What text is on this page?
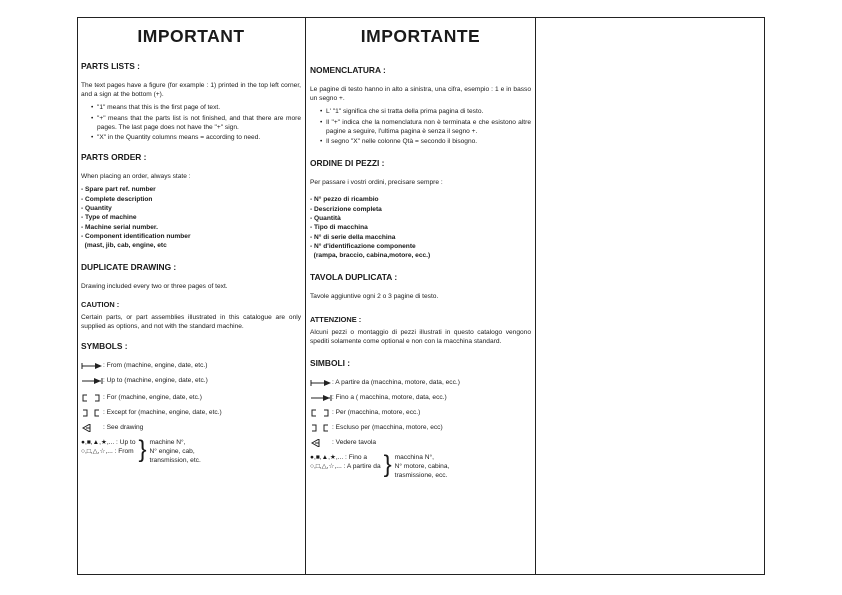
IMPORTANT
PARTS LISTS :
The text pages have a figure (for example : 1) printed in the top left corner, and a sign at the bottom (+).
• "1" means that this is the first page of text.
• "+" means that the parts list is not finished, and that there are more pages. The last page does not have the "+" sign.
• "X" in the Quantity columns means = according to need.
PARTS ORDER :
When placing an order, always state :
- Spare part ref. number
- Complete description
- Quantity
- Type of machine
- Machine serial number.
- Component identification number
(mast, jib, cab, engine, etc
DUPLICATE DRAWING :
Drawing included every two or three pages of text.
CAUTION :
Certain parts, or part assemblies illustrated in this catalogue are only supplied as options, and not with the standard machine.
SYMBOLS :
: From (machine, engine, date, etc.)
: Up to (machine, engine, date, etc.)
: For (machine, engine, date, etc.)
: Except for (machine, engine, date, etc.)
: See drawing
●,■,▲,★,... : Up to
○,□,△,☆,... : From } machine N°,
N° engine, cab,
transmission, etc.
IMPORTANTE
NOMENCLATURA :
Le pagine di testo hanno in alto a sinistra, una cifra, esempio : 1 e in basso un segno +.
• L' "1" significa che si tratta della prima pagina di testo.
• Il "+" indica che la nomenclatura non è terminata e che esistono altre pagine a seguire, l'ultima pagina è senza il segno +.
• Il segno "X" nelle colonne Qtà = secondo il bisogno.
ORDINE DI PEZZI :
Per passare i vostri ordini, precisare sempre :
- N° pezzo di ricambio
- Descrizione completa
- Quantità
- Tipo di macchina
- N° di serie della macchina
- N° d'identificazione componente
(rampa, braccio, cabina,motore, ecc.)
TAVOLA DUPLICATA :
Tavole aggiuntive ogni 2 o 3 pagine di testo.
ATTENZIONE :
Alcuni pezzi o montaggio di pezzi illustrati in questo catalogo vengono spediti solamente come optional e non con la macchina standard.
SIMBOLI :
: A partire da (macchina, motore, data, ecc.)
: Fino a ( macchina, motore, data, ecc.)
: Per (macchina, motore, ecc.)
: Escluso per (macchina, motore, ecc)
: Vedere tavola
●,■,▲,★,... : Fino a
○,□,△,☆,... : A partire da } macchina N°,
N° motore, cabina,
trasmissione, ecc.
